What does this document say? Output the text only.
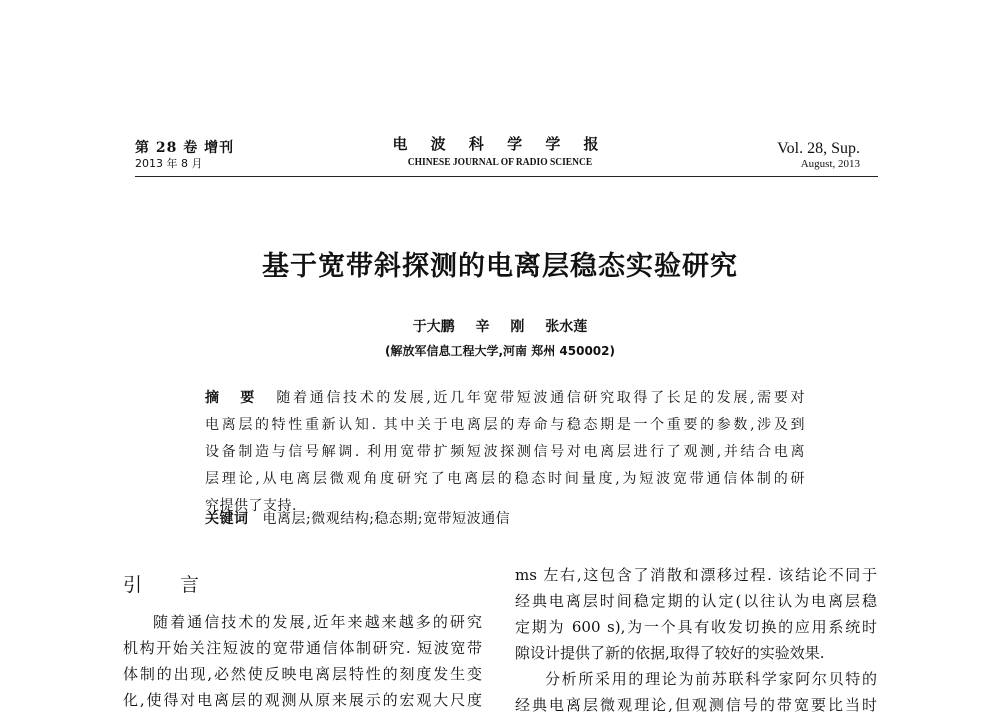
第 28 卷 增刊
2013 年 8 月
电 波 科 学 学 报
CHINESE JOURNAL OF RADIO SCIENCE
Vol. 28, Sup.
August, 2013
基于宽带斜探测的电离层稳态实验研究
于大鹏 辛 刚 张水莲
(解放军信息工程大学,河南 郑州 450002)
摘 要 随着通信技术的发展,近几年宽带短波通信研究取得了长足的发展,需要对
电离层的特性重新认知. 其中关于电离层的寿命与稳态期是一个重要的参数,涉及到
设备制造与信号解调. 利用宽带扩频短波探测信号对电离层进行了观测,并结合电离
层理论,从电离层微观角度研究了电离层的稳态时间量度,为短波宽带通信体制的研
究提供了支持.
关键词 电离层;微观结构;稳态期;宽带短波通信
引 言
随着通信技术的发展,近年来越来越多的研究
机构开始关注短波的宽带通信体制研究. 短波宽带
体制的出现,必然使反映电离层特性的刻度发生变
化,使得对电离层的观测从原来展示的宏观大尺度
ms 左右,这包含了消散和漂移过程. 该结论不同于
经典电离层时间稳定期的认定(以往认为电离层稳
定期为 600 s),为一个具有收发切换的应用系统时
隙设计提供了新的依据,取得了较好的实验效果.
分析所采用的理论为前苏联科学家阿尔贝特的
经典电离层微观理论,但观测信号的带宽要比当时
